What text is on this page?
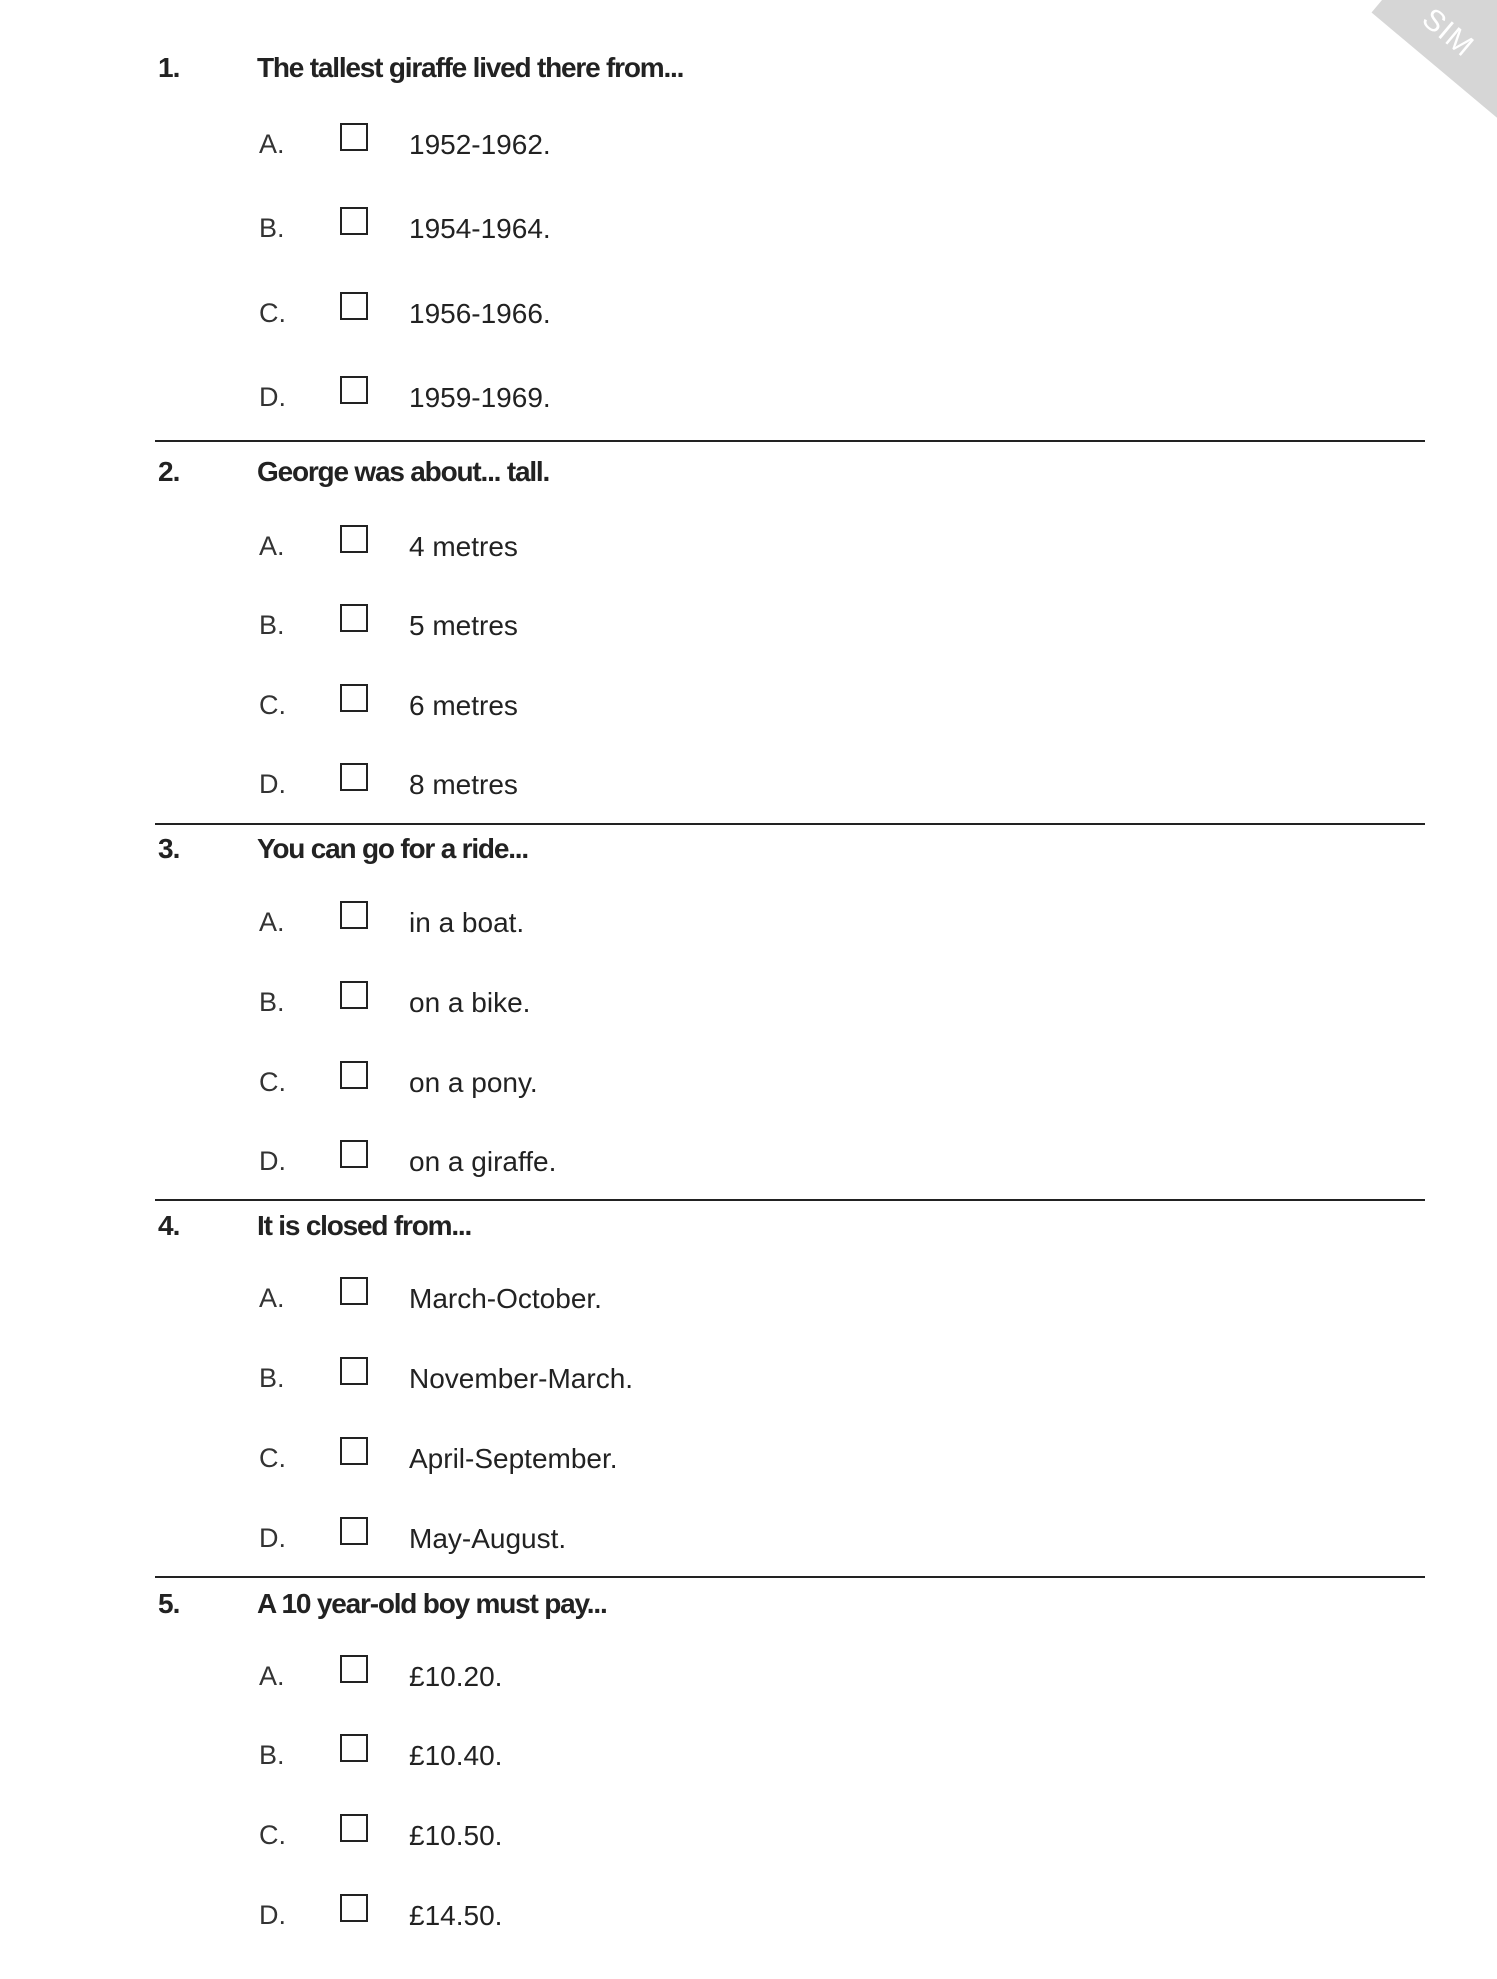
SIM
1.	The tallest giraffe lived there from...
A.	1952-1962.
B.	1954-1964.
C.	1956-1966.
D.	1959-1969.
2.	George was about... tall.
A.	4 metres
B.	5 metres
C.	6 metres
D.	8 metres
3.	You can go for a ride...
A.	in a boat.
B.	on a bike.
C.	on a pony.
D.	on a giraffe.
4.	It is closed from...
A.	March-October.
B.	November-March.
C.	April-September.
D.	May-August.
5.	A 10 year-old boy must pay...
A.	£10.20.
B.	£10.40.
C.	£10.50.
D.	£14.50.
